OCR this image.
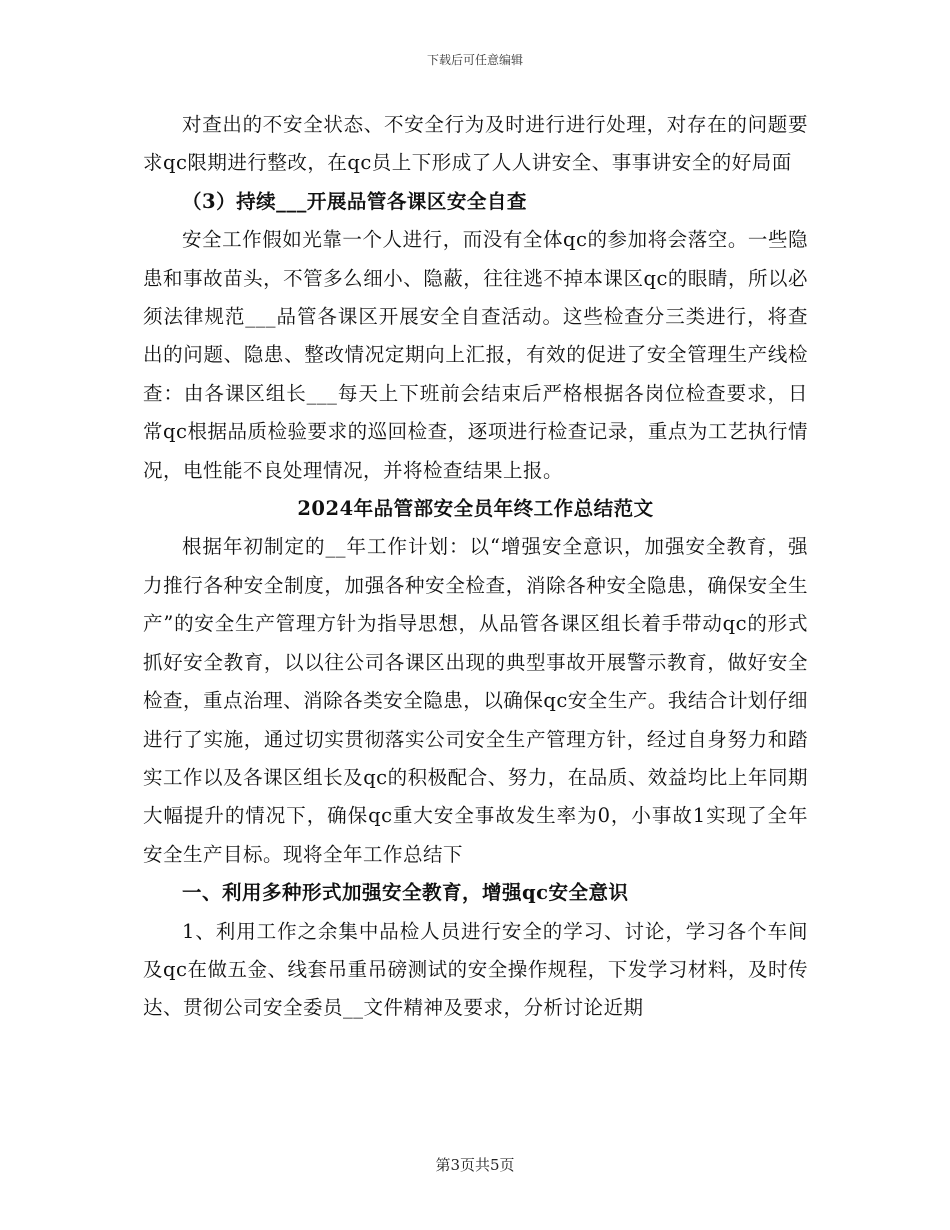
下载后可任意编辑

对查出的不安全状态、不安全行为及时进行进行处理，对存在的问题要求qc限期进行整改，在qc员上下形成了人人讲安全、事事讲安全的好局面

（3）持续___开展品管各课区安全自查

安全工作假如光靠一个人进行，而没有全体qc的参加将会落空。一些隐患和事故苗头，不管多么细小、隐蔽，往往逃不掉本课区qc的眼睛，所以必须法律规范___品管各课区开展安全自查活动。这些检查分三类进行，将查出的问题、隐患、整改情况定期向上汇报，有效的促进了安全管理生产线检查：由各课区组长___每天上下班前会结束后严格根据各岗位检查要求，日常qc根据品质检验要求的巡回检查，逐项进行检查记录，重点为工艺执行情况，电性能不良处理情况，并将检查结果上报。

2024年品管部安全员年终工作总结范文

根据年初制定的__年工作计划：以“增强安全意识，加强安全教育，强力推行各种安全制度，加强各种安全检查，消除各种安全隐患，确保安全生产”的安全生产管理方针为指导思想，从品管各课区组长着手带动qc的形式抓好安全教育，以以往公司各课区出现的典型事故开展警示教育，做好安全检查，重点治理、消除各类安全隐患，以确保qc安全生产。我结合计划仔细进行了实施，通过切实贯彻落实公司安全生产管理方针，经过自身努力和踏实工作以及各课区组长及qc的积极配合、努力，在品质、效益均比上年同期大幅提升的情况下，确保qc重大安全事故发生率为0，小事故1实现了全年安全生产目标。现将全年工作总结下

一、利用多种形式加强安全教育，增强qc安全意识

1、利用工作之余集中品检人员进行安全的学习、讨论，学习各个车间及qc在做五金、线套吊重吊磅测试的安全操作规程，下发学习材料，及时传达、贯彻公司安全委员__文件精神及要求，分析讨论近期

第3页共5页
